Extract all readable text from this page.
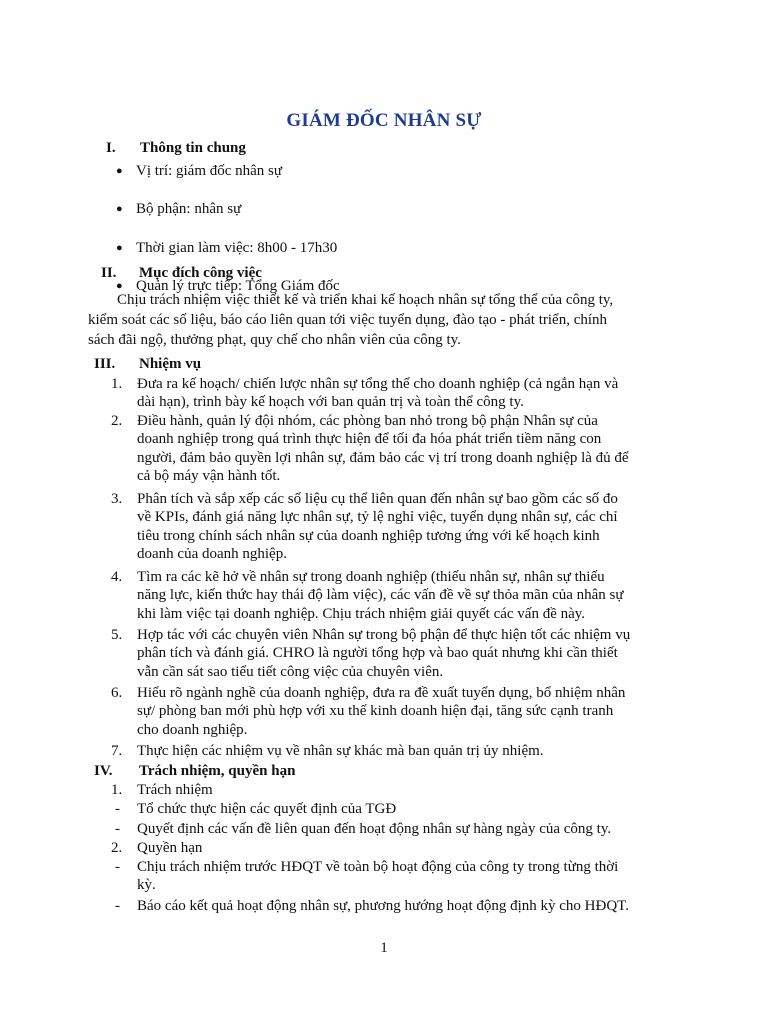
GIÁM ĐỐC NHÂN SỰ
I. Thông tin chung
● Vị trí: giám đốc nhân sự
● Bộ phận: nhân sự
● Thời gian làm việc: 8h00 - 17h30
● Quản lý trực tiếp: Tổng Giám đốc
II. Mục đích công việc

Chịu trách nhiệm việc thiết kế và triển khai kế hoạch nhân sự tổng thể của công ty,
kiểm soát các số liệu, báo cáo liên quan tới việc tuyển dụng, đào tạo - phát triển, chính
sách đãi ngộ, thưởng phạt, quy chế cho nhân viên của công ty.

III. Nhiệm vụ
1. Đưa ra kế hoạch/ chiến lược nhân sự tổng thể cho doanh nghiệp (cả ngắn hạn và
dài hạn), trình bày kế hoạch với ban quản trị và toàn thể công ty.
2. Điều hành, quản lý đội nhóm, các phòng ban nhỏ trong bộ phận Nhân sự của
doanh nghiệp trong quá trình thực hiện để tối đa hóa phát triển tiềm năng con
người, đảm bảo quyền lợi nhân sự, đảm bảo các vị trí trong doanh nghiệp là đủ để
cả bộ máy vận hành tốt.
3. Phân tích và sắp xếp các số liệu cụ thể liên quan đến nhân sự bao gồm các số đo
về KPIs, đánh giá năng lực nhân sự, tỷ lệ nghỉ việc, tuyển dụng nhân sự, các chỉ
tiêu trong chính sách nhân sự của doanh nghiệp tương ứng với kế hoạch kinh
doanh của doanh nghiệp.
4. Tìm ra các kẽ hở về nhân sự trong doanh nghiệp (thiếu nhân sự, nhân sự thiếu
năng lực, kiến thức hay thái độ làm việc), các vấn đề về sự thỏa mãn của nhân sự
khi làm việc tại doanh nghiệp. Chịu trách nhiệm giải quyết các vấn đề này.
5. Hợp tác với các chuyên viên Nhân sự trong bộ phận để thực hiện tốt các nhiệm vụ
phân tích và đánh giá. CHRO là người tổng hợp và bao quát nhưng khi cần thiết
vẫn cần sát sao tiểu tiết công việc của chuyên viên.
6. Hiểu rõ ngành nghề của doanh nghiệp, đưa ra đề xuất tuyển dụng, bổ nhiệm nhân
sự/ phòng ban mới phù hợp với xu thế kinh doanh hiện đại, tăng sức cạnh tranh
cho doanh nghiệp.
7. Thực hiện các nhiệm vụ về nhân sự khác mà ban quản trị ủy nhiệm.
IV. Trách nhiệm, quyền hạn
1. Trách nhiệm
- Tổ chức thực hiện các quyết định của TGĐ
- Quyết định các vấn đề liên quan đến hoạt động nhân sự hàng ngày của công ty.
2. Quyền hạn
- Chịu trách nhiệm trước HĐQT về toàn bộ hoạt động của công ty trong từng thời
kỳ.
- Báo cáo kết quả hoạt động nhân sự, phương hướng hoạt động định kỳ cho HĐQT.
1
